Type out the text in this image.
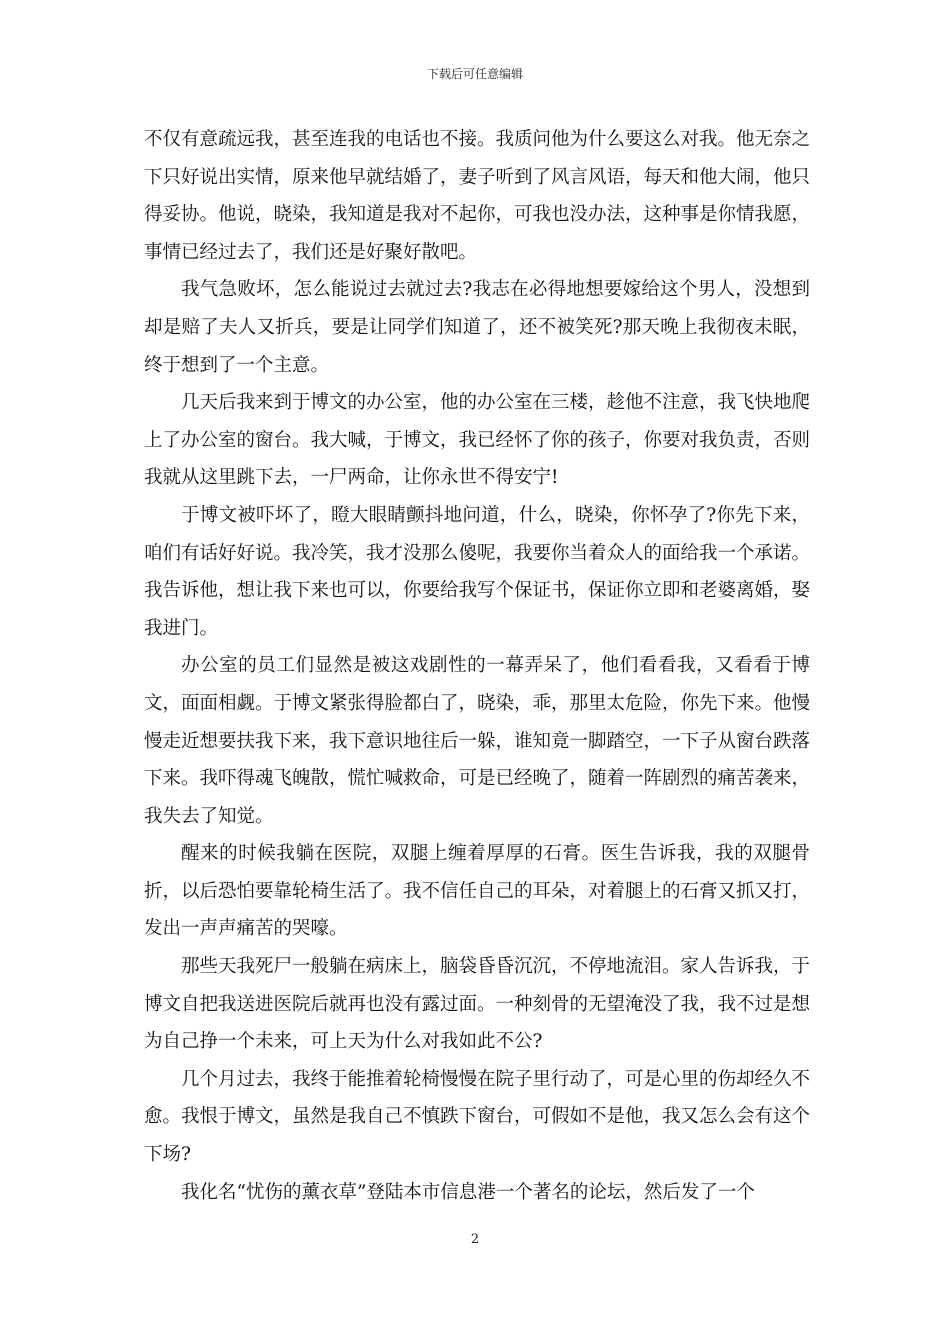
下载后可任意编辑

不仅有意疏远我，甚至连我的电话也不接。我质问他为什么要这么对我。他无奈之下只好说出实情，原来他早就结婚了，妻子听到了风言风语，每天和他大闹，他只得妥协。他说，晓染，我知道是我对不起你，可我也没办法，这种事是你情我愿，事情已经过去了，我们还是好聚好散吧。

我气急败坏，怎么能说过去就过去?我志在必得地想要嫁给这个男人，没想到却是赔了夫人又折兵，要是让同学们知道了，还不被笑死?那天晚上我彻夜未眠，终于想到了一个主意。

几天后我来到于博文的办公室，他的办公室在三楼，趁他不注意，我飞快地爬上了办公室的窗台。我大喊，于博文，我已经怀了你的孩子，你要对我负责，否则我就从这里跳下去，一尸两命，让你永世不得安宁!

于博文被吓坏了，瞪大眼睛颤抖地问道，什么，晓染，你怀孕了?你先下来，咱们有话好好说。我冷笑，我才没那么傻呢，我要你当着众人的面给我一个承诺。我告诉他，想让我下来也可以，你要给我写个保证书，保证你立即和老婆离婚，娶我进门。

办公室的员工们显然是被这戏剧性的一幕弄呆了，他们看看我，又看看于博文，面面相觑。于博文紧张得脸都白了，晓染，乖，那里太危险，你先下来。他慢慢走近想要扶我下来，我下意识地往后一躲，谁知竟一脚踏空，一下子从窗台跌落下来。我吓得魂飞魄散，慌忙喊救命，可是已经晚了，随着一阵剧烈的痛苦袭来，我失去了知觉。

醒来的时候我躺在医院，双腿上缠着厚厚的石膏。医生告诉我，我的双腿骨折，以后恐怕要靠轮椅生活了。我不信任自己的耳朵，对着腿上的石膏又抓又打，发出一声声痛苦的哭嚎。

那些天我死尸一般躺在病床上，脑袋昏昏沉沉，不停地流泪。家人告诉我，于博文自把我送进医院后就再也没有露过面。一种刻骨的无望淹没了我，我不过是想为自己挣一个未来，可上天为什么对我如此不公?

几个月过去，我终于能推着轮椅慢慢在院子里行动了，可是心里的伤却经久不愈。我恨于博文，虽然是我自己不慎跌下窗台，可假如不是他，我又怎么会有这个下场?

我化名“忧伤的薰衣草”登陆本市信息港一个著名的论坛，然后发了一个

2
